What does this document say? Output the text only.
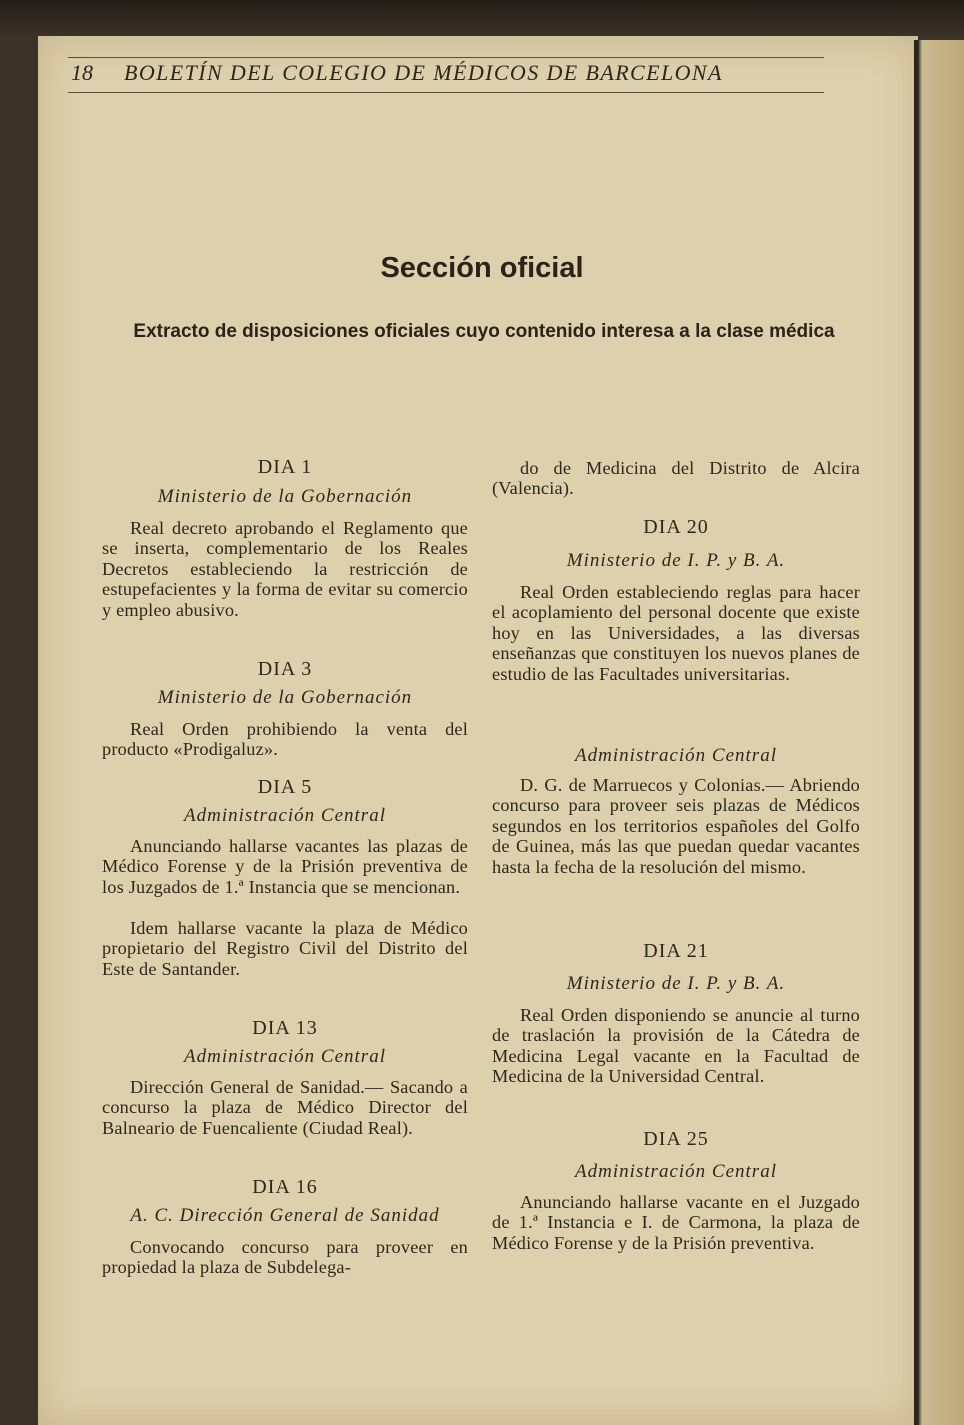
18 BOLETÍN DEL COLEGIO DE MÉDICOS DE BARCELONA
Sección oficial
Extracto de disposiciones oficiales cuyo contenido interesa a la clase médica

DIA 1

Ministerio de la Gobernación

Real decreto aprobando el Reglamento que se inserta, complementario de los Reales Decretos estableciendo la restricción de estupefacientes y la forma de evitar su comercio y empleo abusivo.

DIA 3

Ministerio de la Gobernación

Real Orden prohibiendo la venta del producto «Prodigaluz».

DIA 5

Administración Central

Anunciando hallarse vacantes las plazas de Médico Forense y de la Prisión preventiva de los Juzgados de 1.ª Instancia que se mencionan.

Idem hallarse vacante la plaza de Médico propietario del Registro Civil del Distrito del Este de Santander.

DIA 13

Administración Central

Dirección General de Sanidad.— Sacando a concurso la plaza de Médico Director del Balneario de Fuencaliente (Ciudad Real).

DIA 16

A. C. Dirección General de Sanidad

Convocando concurso para proveer en propiedad la plaza de Subdelega-

do de Medicina del Distrito de Alcira (Valencia).

DIA 20

Ministerio de I. P. y B. A.

Real Orden estableciendo reglas para hacer el acoplamiento del personal docente que existe hoy en las Universidades, a las diversas enseñanzas que constituyen los nuevos planes de estudio de las Facultades universitarias.

Administración Central

D. G. de Marruecos y Colonias.— Abriendo concurso para proveer seis plazas de Médicos segundos en los territorios españoles del Golfo de Guinea, más las que puedan quedar vacantes hasta la fecha de la resolución del mismo.

DIA 21

Ministerio de I. P. y B. A.

Real Orden disponiendo se anuncie al turno de traslación la provisión de la Cátedra de Medicina Legal vacante en la Facultad de Medicina de la Universidad Central.

DIA 25

Administración Central

Anunciando hallarse vacante en el Juzgado de 1.ª Instancia e I. de Carmona, la plaza de Médico Forense y de la Prisión preventiva.
